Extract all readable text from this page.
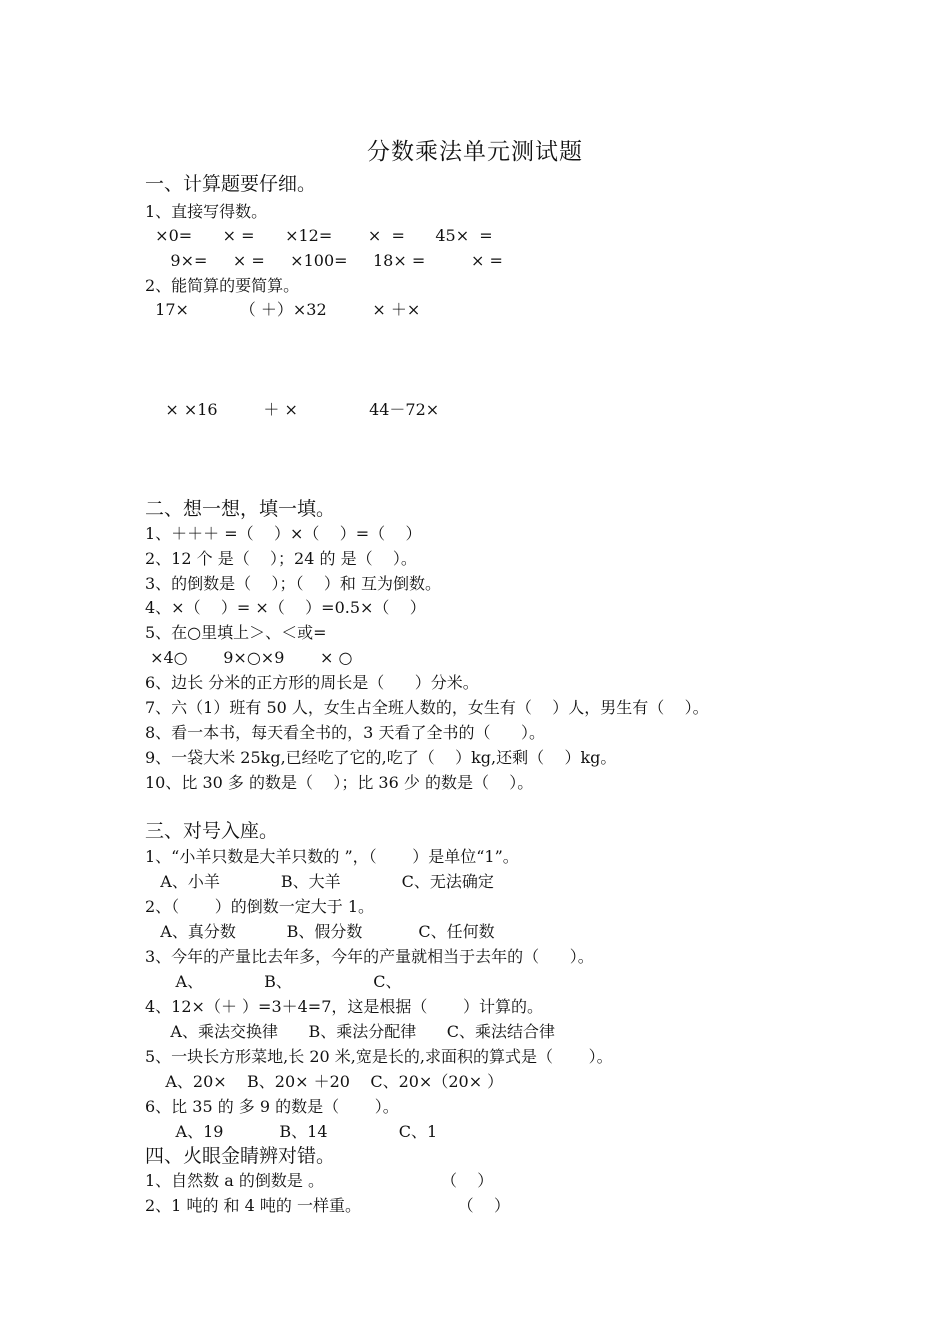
分数乘法单元测试题
一、计算题要仔细。
1、直接写得数。
×0=      × =      ×12=       ×  =      45×  =
9×=     × =     ×100=     18× =         × =
2、能简算的要简算。
17×          （ ＋）×32         × ＋×
× ×16         ＋ ×              44－72×
二、想一想，填一填。
1、＋＋＋ =（    ）×（    ）=（    ）
2、12 个 是（    ）；24 的 是（    ）。
3、的倒数是（    ）；（    ）和 互为倒数。
4、×（    ）= ×（    ）=0.5×（    ）
5、在○里填上＞、＜或=
×4○       9×○×9       × ○
6、边长 分米的正方形的周长是（      ）分米。
7、六（1）班有 50 人，女生占全班人数的，女生有（    ）人，男生有（    ）。
8、看一本书，每天看全书的，3 天看了全书的（      ）。
9、一袋大米 25kg,已经吃了它的,吃了（    ）kg,还剩（    ）kg。
10、比 30 多 的数是（    ）；比 36 少 的数是（    ）。
三、对号入座。
1、“小羊只数是大羊只数的 ”，（       ）是单位“1”。
A、小羊            B、大羊            C、无法确定
2、（       ）的倒数一定大于 1。
A、真分数          B、假分数           C、任何数
3、今年的产量比去年多，今年的产量就相当于去年的（      ）。
A、            B、                C、
4、12×（＋ ）=3＋4=7，这是根据（       ）计算的。
A、乘法交换律      B、乘法分配律      C、乘法结合律
5、一块长方形菜地,长 20 米,宽是长的,求面积的算式是（       ）。
A、20×    B、20× ＋20    C、20×（20× ）
6、比 35 的 多 9 的数是（       ）。
A、19           B、14              C、1
四、火眼金睛辨对错。
1、自然数 a 的倒数是 。                       （    ）
2、1 吨的 和 4 吨的 一样重。                   （    ）
